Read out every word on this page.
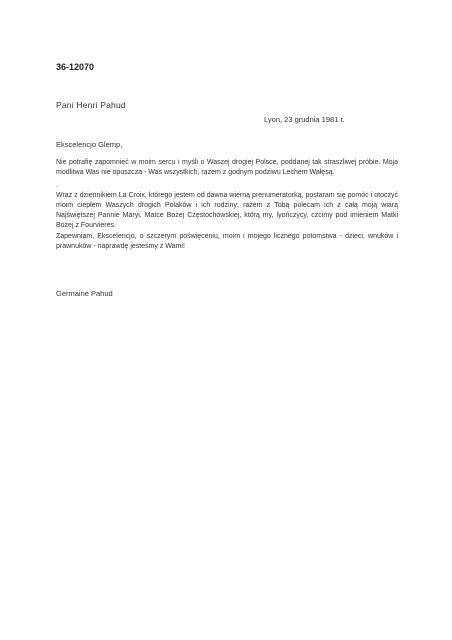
36-12070
Pani Henri Pahud
Lyon, 23 grudnia 1981 r.
Ekscelencjo Glemp,

Nie potrafię zapomnieć w moim sercu i myśli o Waszej drogiej Polsce, poddanej tak straszliwej próbie. Moja modlitwa Was nie opuszcza - Was wszystkich, razem z godnym podziwu Lechem Wałęsą.

.

Wraz z dziennikiem La Croix, którego jestem od dawna wierną prenumeratorką, postaram się pomóc i otoczyć moim ciepłem Waszych drogich Polaków i ich rodziny; razem z Tobą polecam ich z całą moją wiarą Najświętszej Pannie Maryi, Matce Bożej Częstochowskiej, którą my, lyończycy, czcimy pod imieniem Matki Bożej z Fourvieres.

Zapewniam, Ekscelencjo, o szczerym poświęceniu, moim i mojego licznego potomstwa - dzieci, wnuków i prawnuków - naprawdę jesteśmy z Wami!

Germaine Pahud
